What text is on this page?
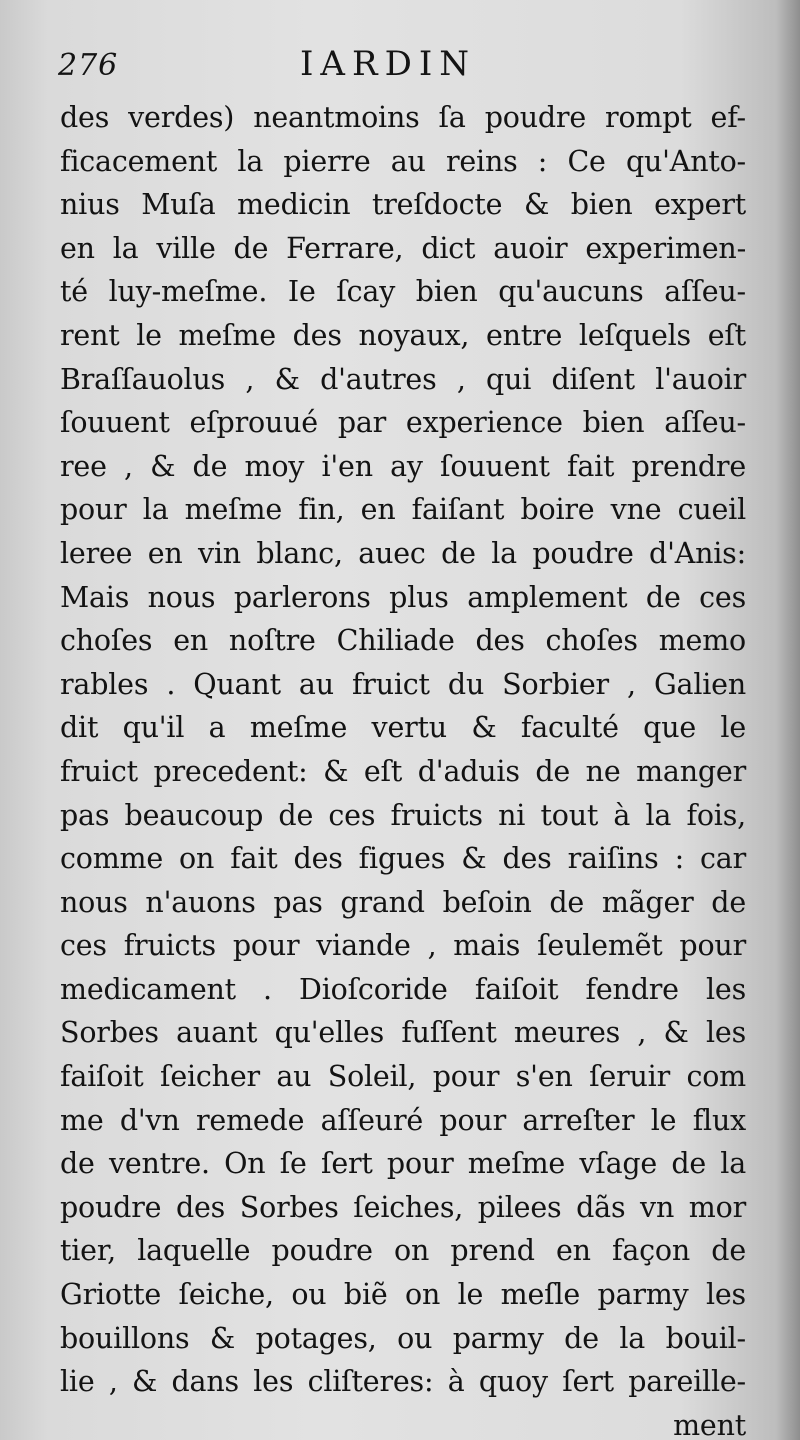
276	IARDIN
des verdes) neantmoins ſa poudre rompt ef-
ficacement la pierre au reins : Ce qu'Anto-
nius Muſa medicin treſdocte & bien expert
en la ville de Ferrare, dict auoir experimen-
té luy-meſme. Ie ſcay bien qu'aucuns aſſeu-
rent le meſme des noyaux, entre leſquels eſt
Braſſauolus , & d'autres , qui diſent l'auoir
ſouuent eſprouué par experience bien aſſeu-
ree , & de moy i'en ay ſouuent fait prendre
pour la meſme fin, en faiſant boire vne cueil
leree en vin blanc, auec de la poudre d'Anis:
Mais nous parlerons plus amplement de ces
choſes en noſtre Chiliade des choſes memo
rables . Quant au fruict du Sorbier , Galien
dit qu'il a meſme vertu & faculté que le
fruict precedent: & eſt d'aduis de ne manger
pas beaucoup de ces fruicts ni tout à la fois,
comme on fait des figues & des raiſins : car
nous n'auons pas grand beſoin de mãger de
ces fruicts pour viande , mais ſeulemẽt pour
medicament . Dioſcoride faiſoit fendre les
Sorbes auant qu'elles fuſſent meures , & les
faiſoit ſeicher au Soleil, pour s'en ſeruir com
me d'vn remede aſſeuré pour arreſter le flux
de ventre. On ſe ſert pour meſme vſage de la
poudre des Sorbes ſeiches, pilees dãs vn mor
tier, laquelle poudre on prend en façon de
Griotte ſeiche, ou biẽ on le meſle parmy les
bouillons & potages, ou parmy de la bouil-
lie , & dans les cliſteres: à quoy ſert pareille-
ment
